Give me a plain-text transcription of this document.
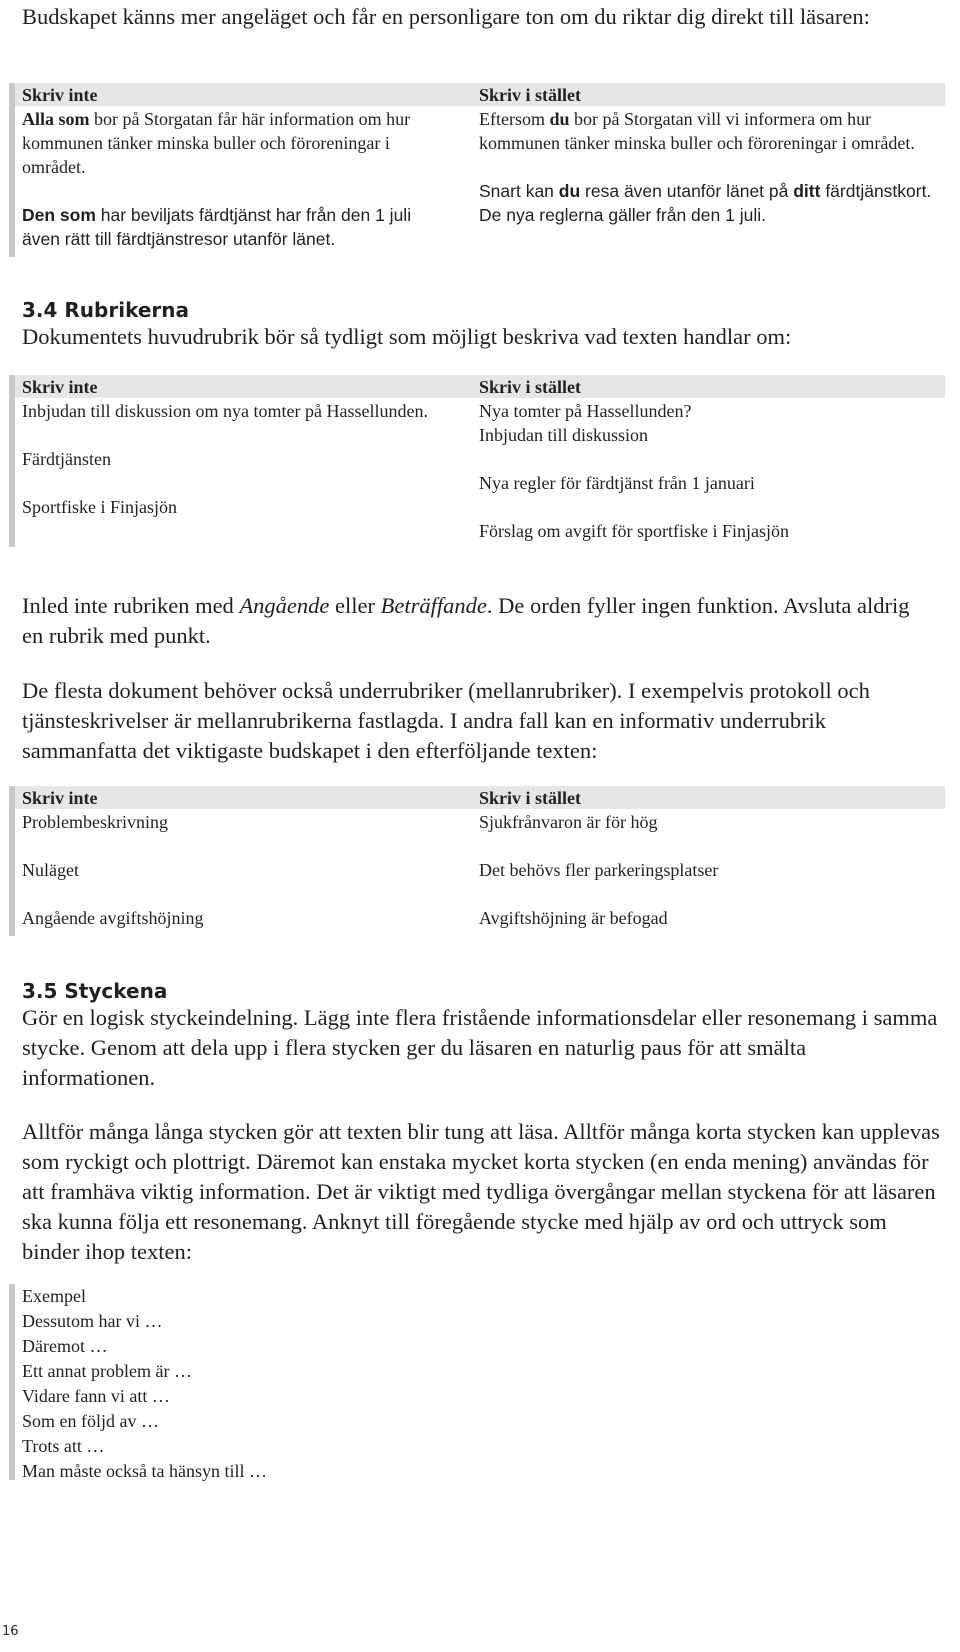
Budskapet känns mer angeläget och får en personligare ton om du riktar dig direkt till läsaren:

Skriv inte

Alla som bor på Storgatan får här information om hur kommunen tänker minska buller och föroreningar i området.

Den som har beviljats färdtjänst har från den 1 juli även rätt till färdtjänstresor utanför länet.

Skriv i stället

Eftersom du bor på Storgatan vill vi informera om hur kommunen tänker minska buller och föroreningar i området.

Snart kan du resa även utanför länet på ditt färdtjänstkort. De nya reglerna gäller från den 1 juli.

3.4 Rubrikerna

Dokumentets huvudrubrik bör så tydligt som möjligt beskriva vad texten handlar om:

Skriv inte

Inbjudan till diskussion om nya tomter på Hassellunden.

Färdtjänsten

Sportfiske i Finjasjön

Skriv i stället

Nya tomter på Hassellunden? Inbjudan till diskussion

Nya regler för färdtjänst från 1 januari

Förslag om avgift för sportfiske i Finjasjön

Inled inte rubriken med Angående eller Beträffande. De orden fyller ingen funktion. Avsluta aldrig en rubrik med punkt.

De flesta dokument behöver också underrubriker (mellanrubriker). I exempelvis protokoll och tjänsteskrivelser är mellanrubrikerna fastlagda. I andra fall kan en informativ underrubrik sammanfatta det viktigaste budskapet i den efterföljande texten:

Skriv inte

Problembeskrivning

Nuläget

Angående avgiftshöjning

Skriv i stället

Sjukfrånvaron är för hög

Det behövs fler parkeringsplatser

Avgiftshöjning är befogad

3.5 Styckena

Gör en logisk styckeindelning. Lägg inte flera fristående informationsdelar eller resonemang i samma stycke. Genom att dela upp i flera stycken ger du läsaren en naturlig paus för att smälta informationen.

Alltför många långa stycken gör att texten blir tung att läsa. Alltför många korta stycken kan upplevas som ryckigt och plottrigt. Däremot kan enstaka mycket korta stycken (en enda mening) användas för att framhäva viktig information. Det är viktigt med tydliga övergångar mellan styckena för att läsaren ska kunna följa ett resonemang. Anknyt till föregående stycke med hjälp av ord och uttryck som binder ihop texten:

Exempel

Dessutom har vi …

Däremot …

Ett annat problem är …

Vidare fann vi att …

Som en följd av …

Trots att …

Man måste också ta hänsyn till …

16
